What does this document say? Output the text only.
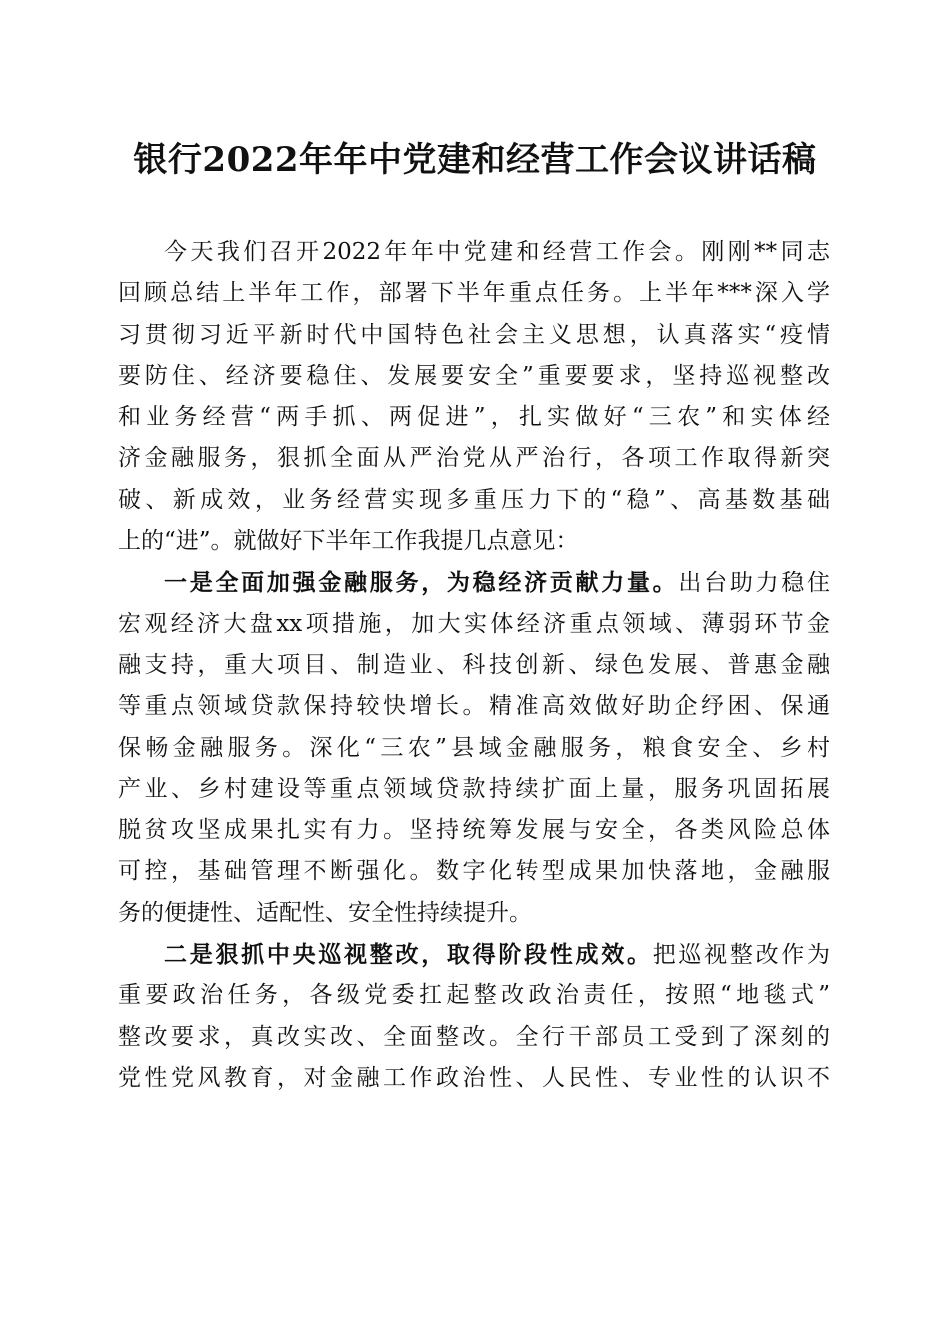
银行2022年年中党建和经营工作会议讲话稿
今天我们召开2022年年中党建和经营工作会。刚刚**同志
回顾总结上半年工作，部署下半年重点任务。上半年***深入学
习贯彻习近平新时代中国特色社会主义思想，认真落实“疫情
要防住、经济要稳住、发展要安全”重要要求，坚持巡视整改
和业务经营“两手抓、两促进”，扎实做好“三农”和实体经
济金融服务，狠抓全面从严治党从严治行，各项工作取得新突
破、新成效，业务经营实现多重压力下的“稳”、高基数基础
上的“进”。就做好下半年工作我提几点意见：
一是全面加强金融服务，为稳经济贡献力量。出台助力稳住
宏观经济大盘xx项措施，加大实体经济重点领域、薄弱环节金
融支持，重大项目、制造业、科技创新、绿色发展、普惠金融
等重点领域贷款保持较快增长。精准高效做好助企纾困、保通
保畅金融服务。深化“三农”县域金融服务，粮食安全、乡村
产业、乡村建设等重点领域贷款持续扩面上量，服务巩固拓展
脱贫攻坚成果扎实有力。坚持统筹发展与安全，各类风险总体
可控，基础管理不断强化。数字化转型成果加快落地，金融服
务的便捷性、适配性、安全性持续提升。
二是狠抓中央巡视整改，取得阶段性成效。把巡视整改作为
重要政治任务，各级党委扛起整改政治责任，按照“地毯式”
整改要求，真改实改、全面整改。全行干部员工受到了深刻的
党性党风教育，对金融工作政治性、人民性、专业性的认识不
